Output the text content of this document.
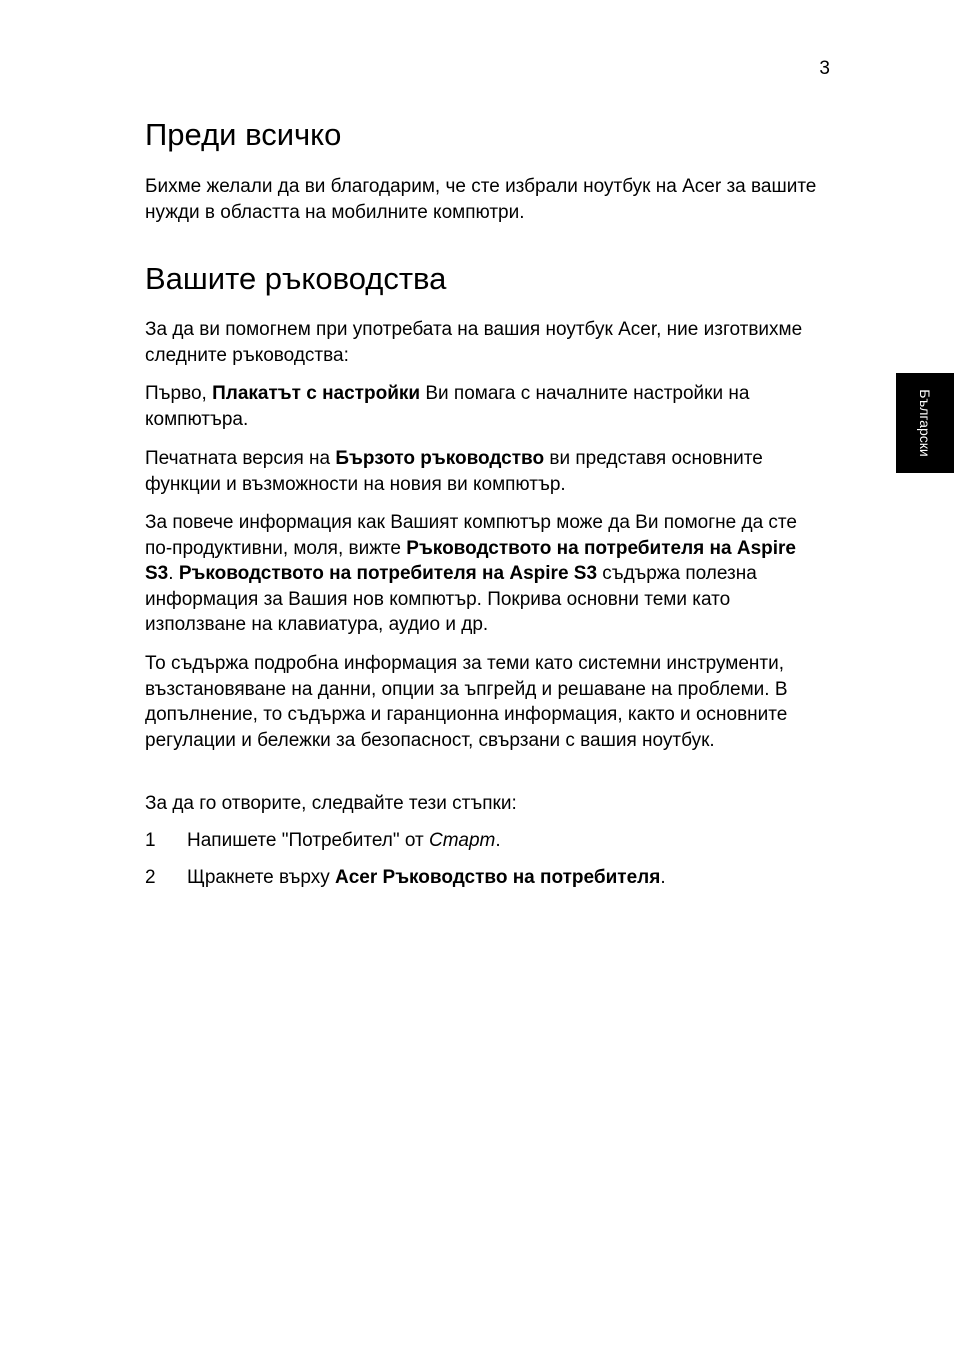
3
Български
Преди всичко

Бихме желали да ви благодарим, че сте избрали ноутбук на Acer за вашите нужди в областта на мобилните компютри.

Вашите ръководства

За да ви помогнем при употребата на вашия ноутбук Acer, ние изготвихме следните ръководства:

Първо, Плакатът с настройки Ви помага с началните настройки на компютъра.

Печатната версия на Бързото ръководство ви представя основните функции и възможности на новия ви компютър.

За повече информация как Вашият компютър може да Ви помогне да сте по-продуктивни, моля, вижте Ръководството на потребителя на Aspire S3. Ръководството на потребителя на Aspire S3 съдържа полезна информация за Вашия нов компютър. Покрива основни теми като използване на клавиатура, аудио и др.

То съдържа подробна информация за теми като системни инструменти, възстановяване на данни, опции за ъпгрейд и решаване на проблеми. В допълнение, то съдържа и гаранционна информация, както и основните регулации и бележки за безопасност, свързани с вашия ноутбук.

За да го отворите, следвайте тези стъпки:

1 Напишете "Потребител" от Старт.
2 Щракнете върху Acer Ръководство на потребителя.
